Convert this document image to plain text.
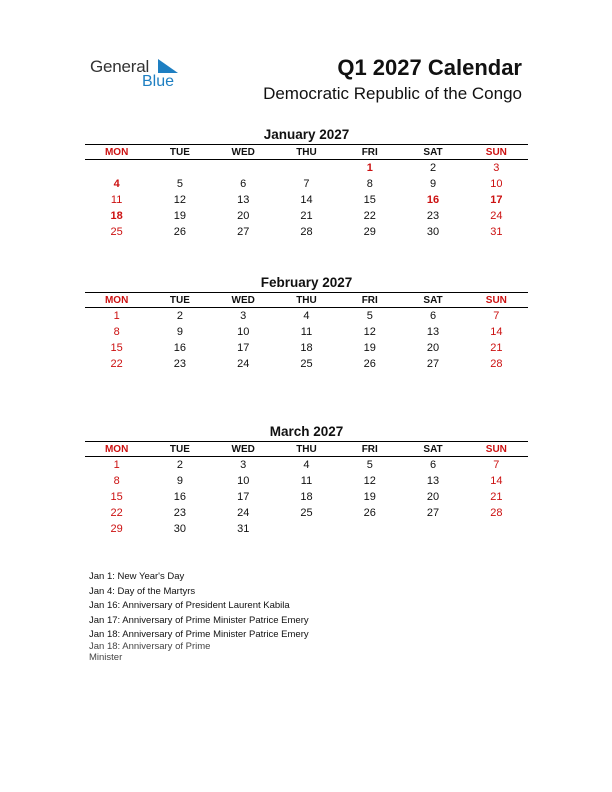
General
Blue
Q1 2027 Calendar
Democratic Republic of the Congo
January 2027
MON	TUE	WED	THU	FRI	SAT	SUN
				1	2	3
4	5	6	7	8	9	10
11	12	13	14	15	16	17
18	19	20	21	22	23	24
25	26	27	28	29	30	31
February 2027
MON	TUE	WED	THU	FRI	SAT	SUN
1	2	3	4	5	6	7
8	9	10	11	12	13	14
15	16	17	18	19	20	21
22	23	24	25	26	27	28
March 2027
MON	TUE	WED	THU	FRI	SAT	SUN
1	2	3	4	5	6	7
8	9	10	11	12	13	14
15	16	17	18	19	20	21
22	23	24	25	26	27	28
29	30	31				
Jan 1: New Year's Day
Jan 4: Day of the Martyrs
Jan 16: Anniversary of President Laurent Kabila
Jan 17: Anniversary of Prime Minister Patrice Emery
Jan 18: Anniversary of Prime Minister Patrice Emery
Jan 18: Anniversary of Prime Minister
